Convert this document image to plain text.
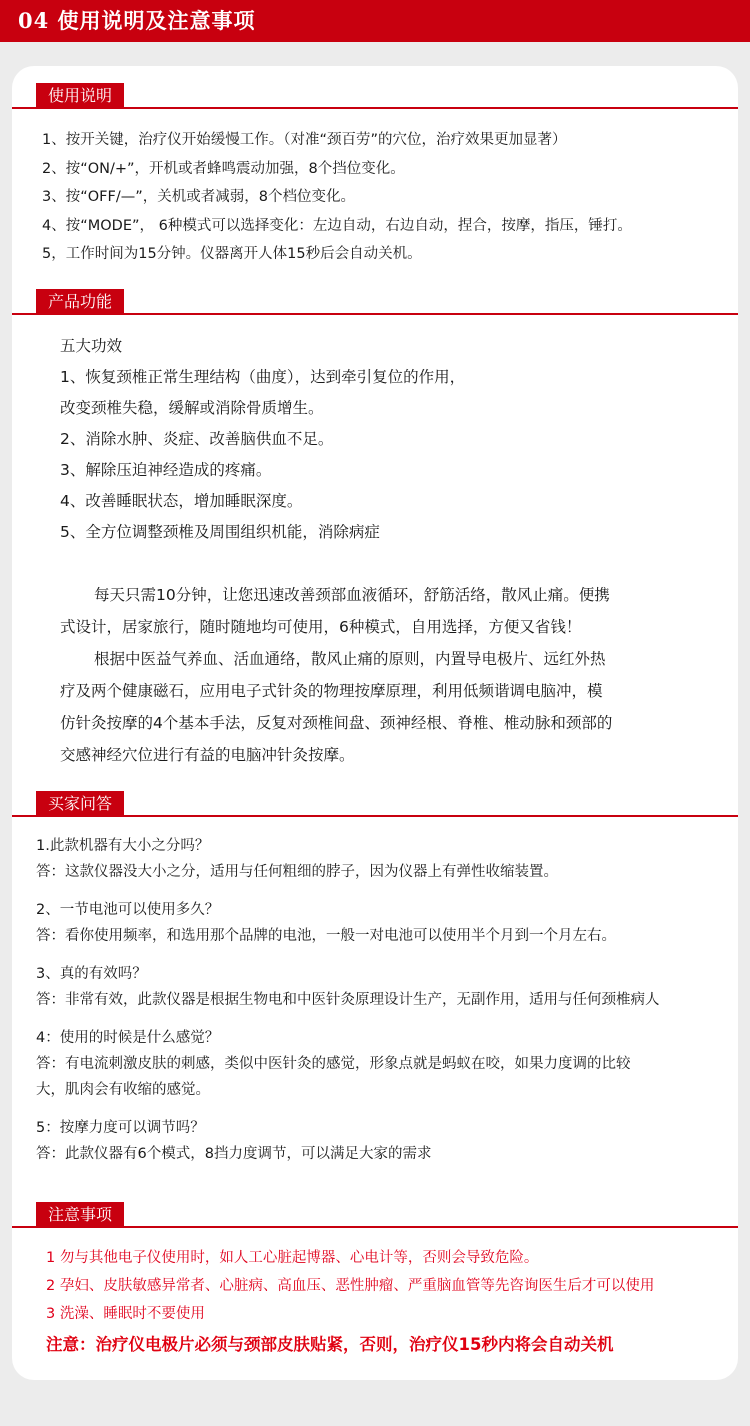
04 使用说明及注意事项
使用说明

1、按开关键，治疗仪开始缓慢工作。（对准“颈百劳”的穴位，治疗效果更加显著）

2、按“ON/+”，开机或者蜂鸣震动加强，8个挡位变化。

3、按“OFF/—”，关机或者减弱，8个档位变化。

4、按“MODE”， 6种模式可以选择变化：左边自动，右边自动，捏合，按摩，指压，锤打。

5，工作时间为15分钟。仪器离开人体15秒后会自动关机。

产品功能

五大功效

1、恢复颈椎正常生理结构（曲度），达到牵引复位的作用，

改变颈椎失稳，缓解或消除骨质增生。

2、消除水肿、炎症、改善脑供血不足。

3、解除压迫神经造成的疼痛。

4、改善睡眠状态，增加睡眠深度。

5、全方位调整颈椎及周围组织机能，消除病症

每天只需10分钟，让您迅速改善颈部血液循环，舒筋活络，散风止痛。便携

式设计，居家旅行，随时随地均可使用，6种模式，自用选择，方便又省钱！

根据中医益气养血、活血通络，散风止痛的原则，内置导电极片、远红外热

疗及两个健康磁石，应用电子式针灸的物理按摩原理，利用低频谐调电脑冲，模

仿针灸按摩的4个基本手法，反复对颈椎间盘、颈神经根、脊椎、椎动脉和颈部的

交感神经穴位进行有益的电脑冲针灸按摩。

买家问答

1.此款机器有大小之分吗？

答：这款仪器没大小之分，适用与任何粗细的脖子，因为仪器上有弹性收缩装置。

2、一节电池可以使用多久？

答：看你使用频率，和选用那个品牌的电池，一般一对电池可以使用半个月到一个月左右。

3、真的有效吗？

答：非常有效，此款仪器是根据生物电和中医针灸原理设计生产，无副作用，适用与任何颈椎病人

4：使用的时候是什么感觉？

答：有电流刺激皮肤的刺感，类似中医针灸的感觉，形象点就是蚂蚁在咬，如果力度调的比较

大，肌肉会有收缩的感觉。

5：按摩力度可以调节吗？

答：此款仪器有6个模式，8挡力度调节，可以满足大家的需求

注意事项

1 勿与其他电子仪使用时，如人工心脏起博器、心电计等，否则会导致危险。

2 孕妇、皮肤敏感异常者、心脏病、高血压、恶性肿瘤、严重脑血管等先咨询医生后才可以使用

3 洗澡、睡眠时不要使用

注意：治疗仪电极片必须与颈部皮肤贴紧，否则，治疗仪15秒内将会自动关机
